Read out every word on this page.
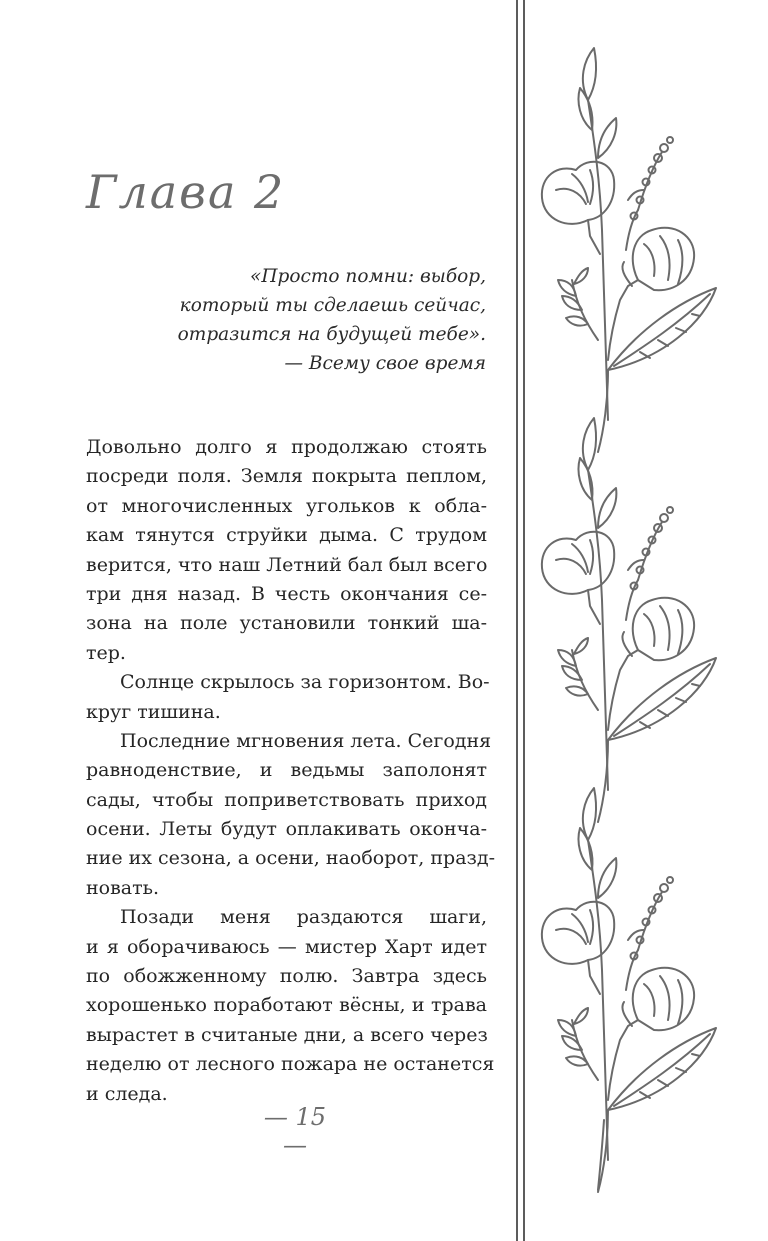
Глава 2
«Просто помни: выбор,
который ты сделаешь сейчас,
отразится на будущей тебе».
— Всему свое время
Довольно долго я продолжаю стоять
посреди поля. Земля покрыта пеплом,
от многочисленных угольков к обла-
кам тянутся струйки дыма. С трудом
верится, что наш Летний бал был всего
три дня назад. В честь окончания се-
зона на поле установили тонкий ша-
тер.
Солнце скрылось за горизонтом. Во-
круг тишина.
Последние мгновения лета. Сегодня
равноденствие, и ведьмы заполонят
сады, чтобы поприветствовать приход
осени. Леты будут оплакивать оконча-
ние их сезона, а осени, наоборот, празд-
новать.
Позади меня раздаются шаги,
и я оборачиваюсь — мистер Харт идет
по обожженному полю. Завтра здесь
хорошенько поработают вёсны, и трава
вырастет в считаные дни, а всего через
неделю от лесного пожара не останется
и следа.
— 15 —
